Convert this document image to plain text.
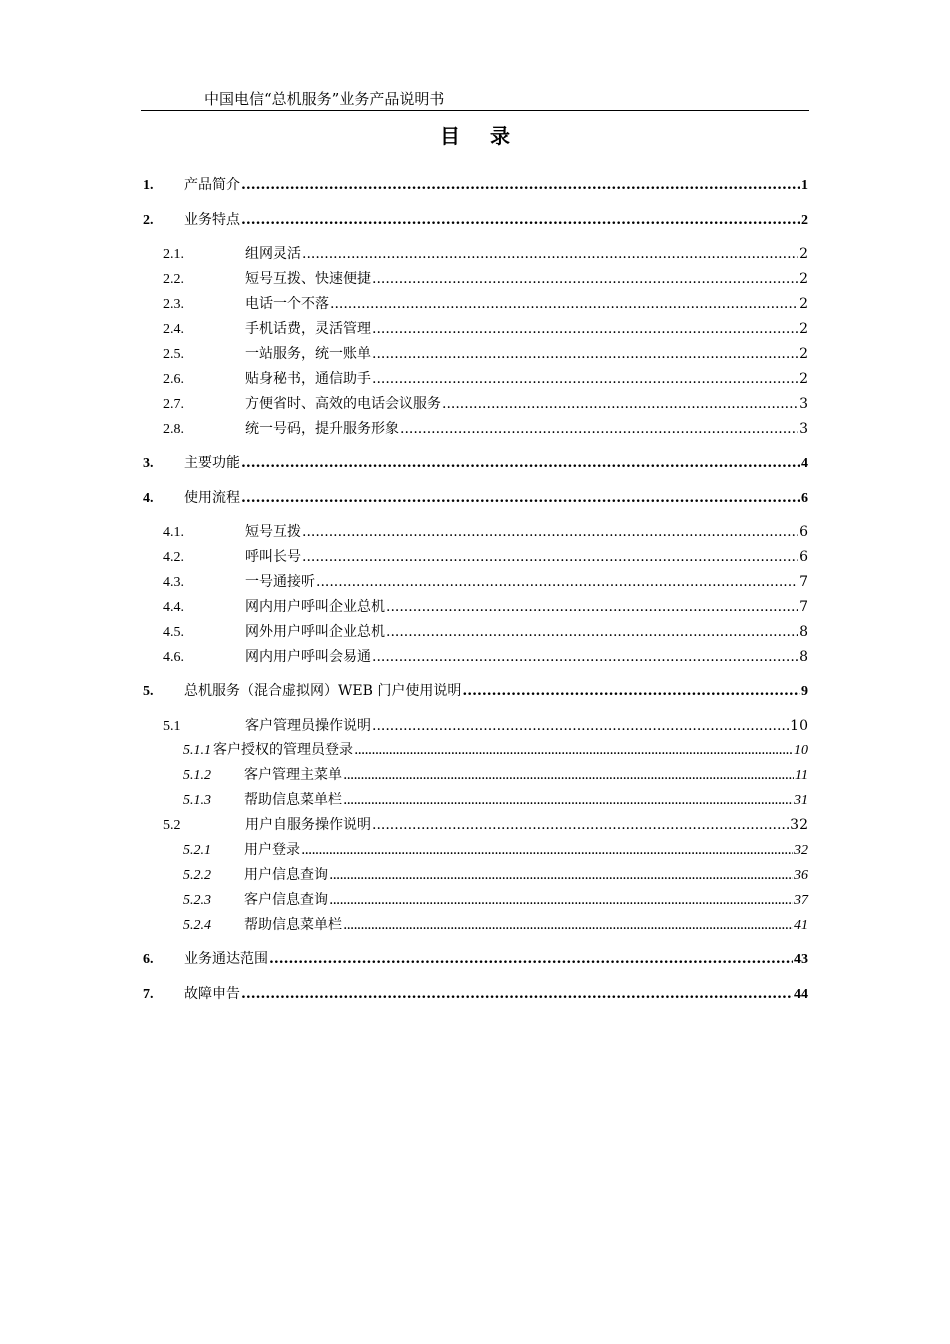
中国电信“总机服务”业务产品说明书
目录
1.	产品简介 .....	1
2.	业务特点 .....	2
2.1.	组网灵活 .....	2
2.2.	短号互拨、快速便捷 .....	2
2.3.	电话一个不落 .....	2
2.4.	手机话费，灵活管理 .....	2
2.5.	一站服务，统一账单 .....	2
2.6.	贴身秘书，通信助手 .....	2
2.7.	方便省时、高效的电话会议服务 .....	3
2.8.	统一号码，提升服务形象 .....	3
3.	主要功能 .....	4
4.	使用流程 .....	6
4.1.	短号互拨 .....	6
4.2.	呼叫长号 .....	6
4.3.	一号通接听 .....	7
4.4.	网内用户呼叫企业总机 .....	7
4.5.	网外用户呼叫企业总机 .....	8
4.6.	网内用户呼叫会易通 .....	8
5.	总机服务（混合虚拟网）WEB 门户使用说明 .....	9
5.1	客户管理员操作说明 .....	10
5.1.1 客户授权的管理员登录 .....	10
5.1.2	客户管理主菜单 .....	11
5.1.3	帮助信息菜单栏 .....	31
5.2	用户自服务操作说明 .....	32
5.2.1	用户登录 .....	32
5.2.2	用户信息查询 .....	36
5.2.3	客户信息查询 .....	37
5.2.4	帮助信息菜单栏 .....	41
6.	业务通达范围 .....	43
7.	故障申告 .....	44
